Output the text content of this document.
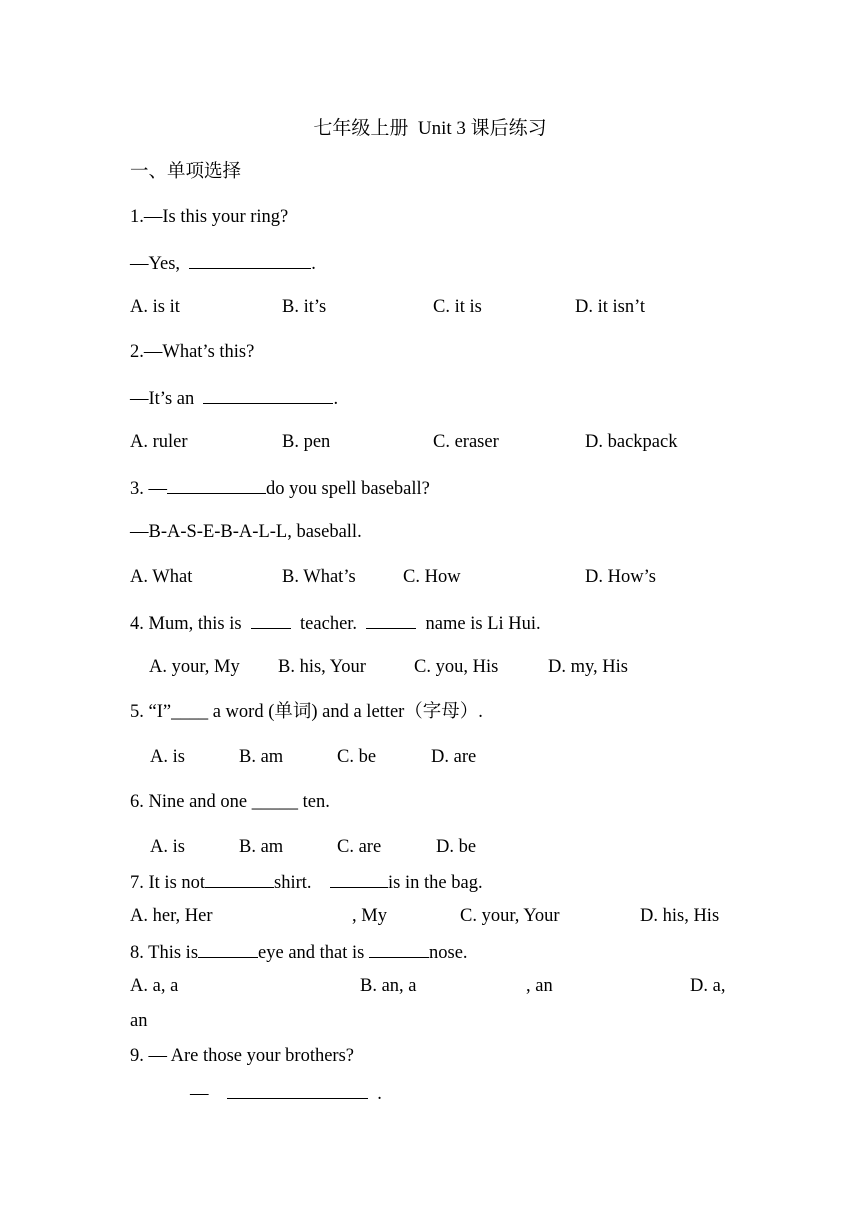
七年级上册  Unit 3 课后练习
一、单项选择
1.—Is this your ring?
—Yes,	.
A. is it	B. it’s	C. it is	D. it isn’t
2.—What’s this?
—It’s an	.
A. ruler	B. pen	C. eraser	D. backpack
3. —	do you spell baseball?
—B-A-S-E-B-A-L-L, baseball.
A. What	B. What’s	C. How	D. How’s
4. Mum, this is	teacher.	name is Li Hui.
A. your, My B. his, Your	C. you, His	D. my, His
5. “I”____ a word (单词) and a letter（字母）.
A. is	B. am	C. be	D. are
6. Nine and one _____ ten.
A. is	B. am	C. are	D. be
7. It is not	shirt.	is in the bag.
A. her, Her	, My	C. your, Your	D. his, His
8. This is	eye and that is	nose.
A. a, a	B. an, a	, an	D. a,
an
9. — Are those your brothers?
—	.
